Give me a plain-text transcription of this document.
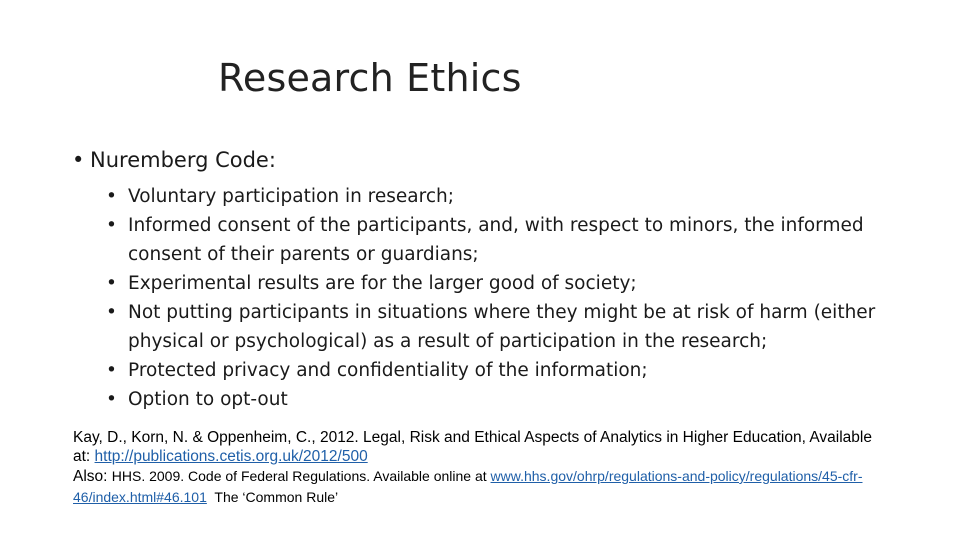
Research Ethics
• Nuremberg Code:
• Voluntary participation in research;
• Informed consent of the participants, and, with respect to minors, the informed consent of their parents or guardians;
• Experimental results are for the larger good of society;
• Not putting participants in situations where they might be at risk of harm (either physical or psychological) as a result of participation in the research;
• Protected privacy and confidentiality of the information;
• Option to opt-out
Kay, D., Korn, N. & Oppenheim, C., 2012. Legal, Risk and Ethical Aspects of Analytics in Higher Education, Available at: http://publications.cetis.org.uk/2012/500
Also: HHS. 2009. Code of Federal Regulations. Available online at www.hhs.gov/ohrp/regulations-and-policy/regulations/45-cfr-46/index.html#46.101  The ‘Common Rule’
